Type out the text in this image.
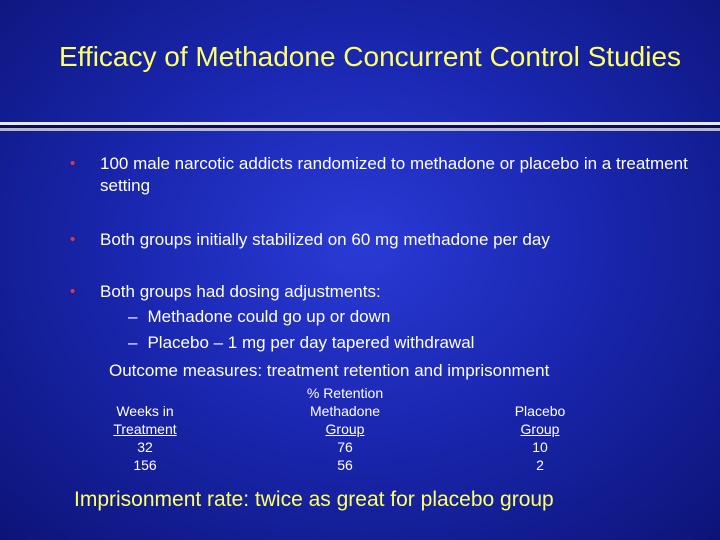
Efficacy of Methadone Concurrent Control Studies
• 100 male narcotic addicts randomized to methadone or placebo in a treatment setting
• Both groups initially stabilized on 60 mg methadone per day
• Both groups had dosing adjustments:
– Methadone could go up or down
– Placebo – 1 mg per day tapered withdrawal
Outcome measures: treatment retention and imprisonment
Weeks in
Treatment
32
156
% Retention
Methadone
Group
76
56
Placebo
Group
10
2
Imprisonment rate: twice as great for placebo group
